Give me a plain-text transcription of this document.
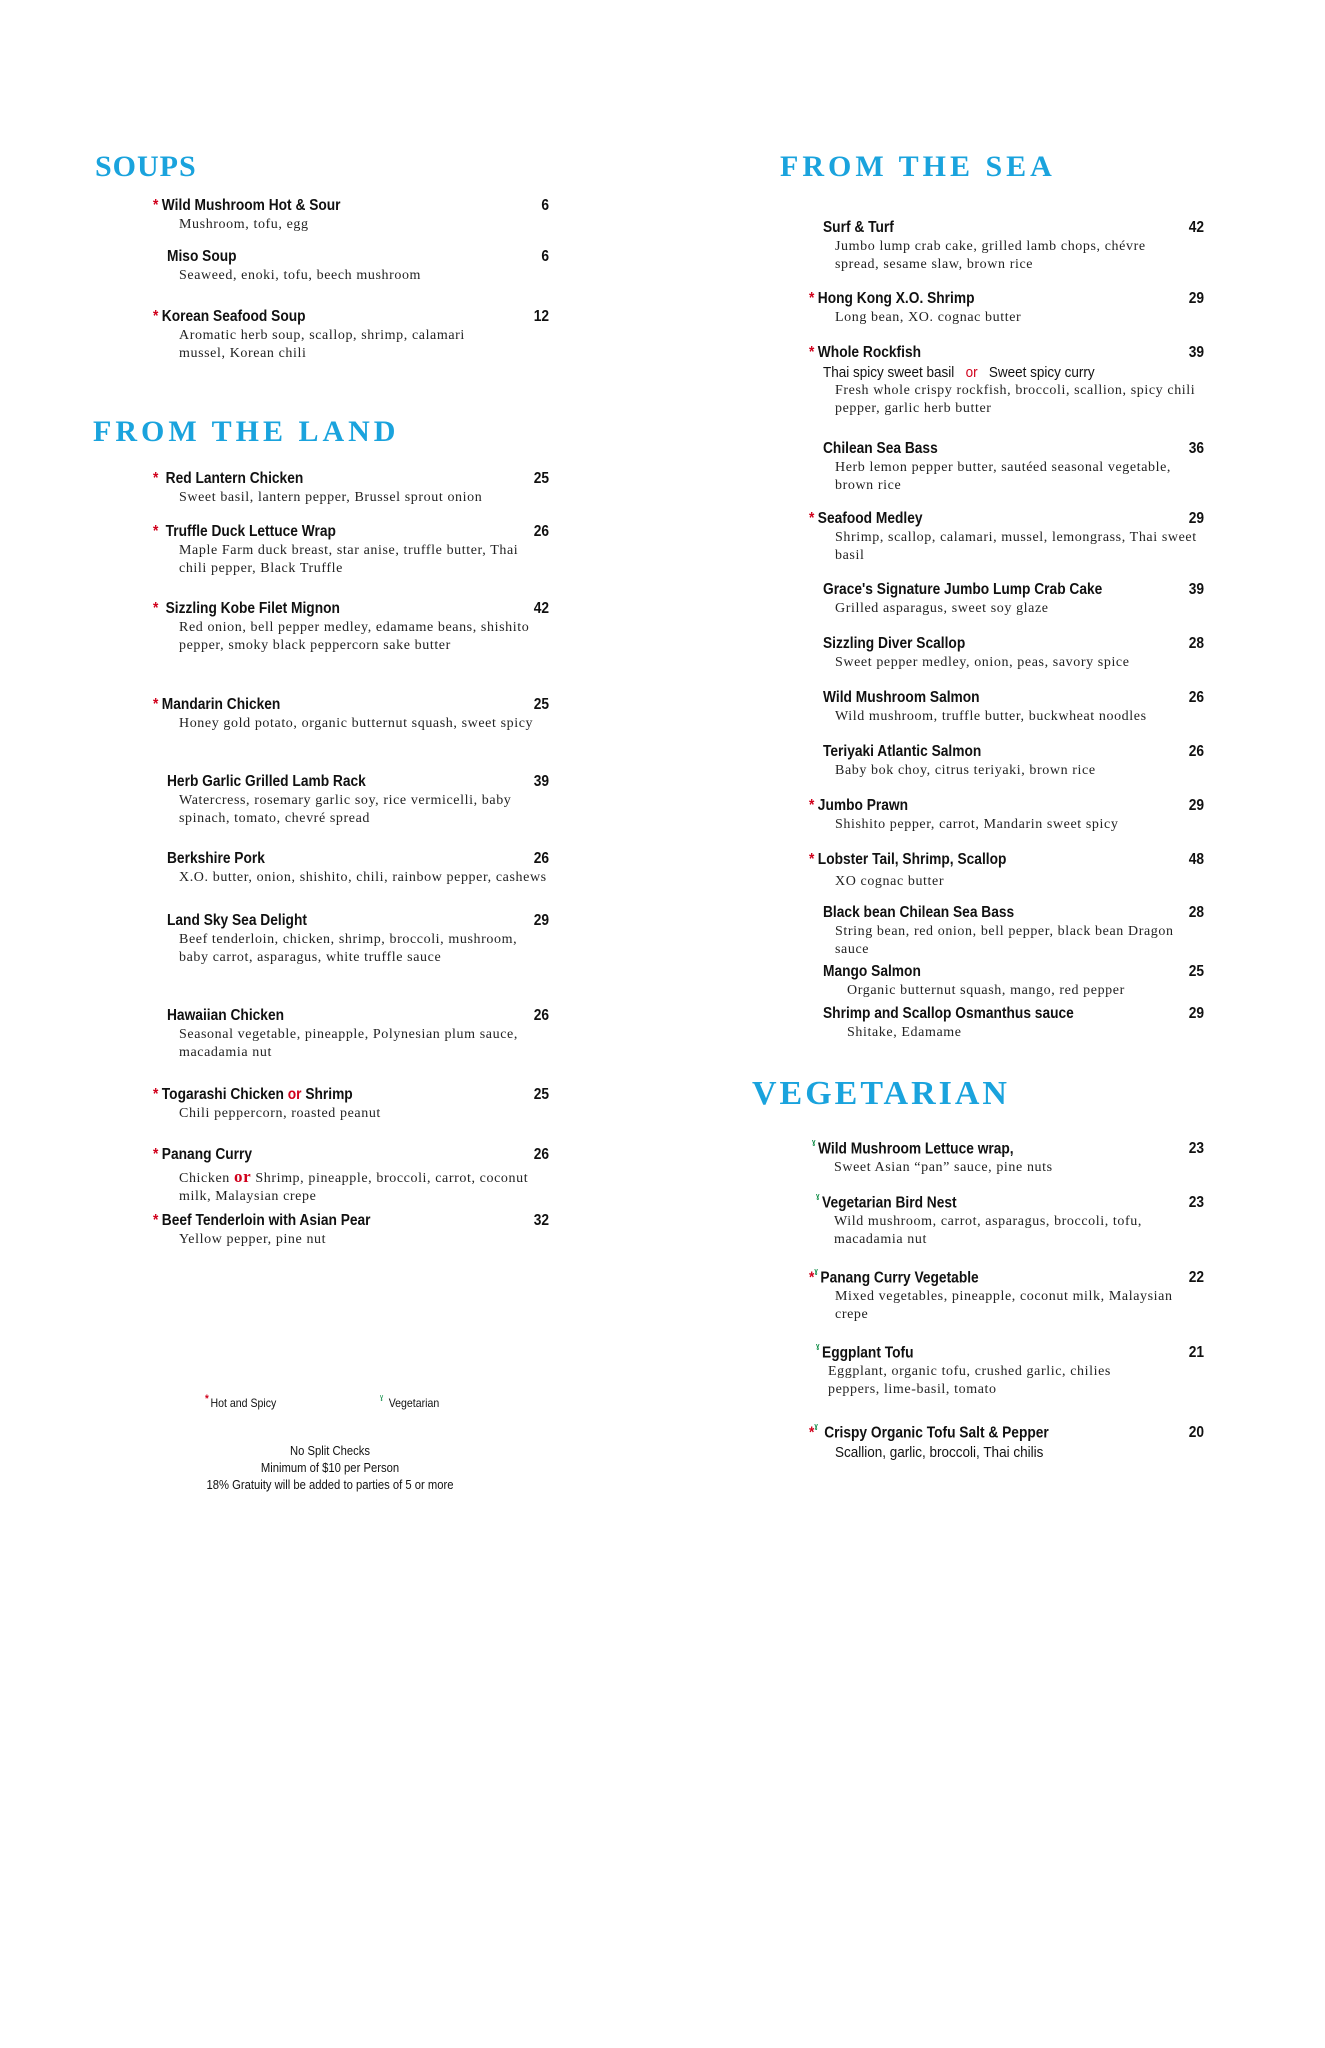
SOUPS
* Wild Mushroom Hot & Sour	6

Mushroom, tofu, egg

Miso Soup	6

Seaweed, enoki, tofu, beech mushroom

* Korean Seafood Soup	12

Aromatic herb soup, scallop, shrimp, calamari mussel, Korean chili

FROM THE LAND
* Red Lantern Chicken	25

Sweet basil, lantern pepper, Brussel sprout onion

* Truffle Duck Lettuce Wrap	26

Maple Farm duck breast, star anise, truffle butter, Thai chili pepper, Black Truffle

* Sizzling Kobe Filet Mignon	42

Red onion, bell pepper medley, edamame beans, shishito pepper, smoky black peppercorn sake butter

* Mandarin Chicken	25

Honey gold potato, organic butternut squash, sweet spicy

Herb Garlic Grilled Lamb Rack	39

Watercress, rosemary garlic soy, rice vermicelli, baby spinach, tomato, chevré spread

Berkshire Pork	26

X.O. butter, onion, shishito, chili, rainbow pepper, cashews

Land Sky Sea Delight	29

Beef tenderloin, chicken, shrimp, broccoli, mushroom, baby carrot, asparagus, white truffle sauce

Hawaiian Chicken	26

Seasonal vegetable, pineapple, Polynesian plum sauce, macadamia nut

* Togarashi Chicken or Shrimp	25

Chili peppercorn, roasted peanut

* Panang Curry	26

Chicken or Shrimp, pineapple, broccoli, carrot, coconut milk, Malaysian crepe

* Beef Tenderloin with Asian Pear	32

Yellow pepper, pine nut

* Hot and Spicy	ˠ Vegetarian
No Split Checks
Minimum of $10 per Person
18% Gratuity will be added to parties of 5 or more
FROM THE SEA
Surf & Turf	42

Jumbo lump crab cake, grilled lamb chops, chévre spread, sesame slaw, brown rice

* Hong Kong X.O. Shrimp	29

Long bean, XO. cognac butter

* Whole Rockfish	39
Thai spicy sweet basil or Sweet spicy curry

Fresh whole crispy rockfish, broccoli, scallion, spicy chili pepper, garlic herb butter

Chilean Sea Bass	36

Herb lemon pepper butter, sautéed seasonal vegetable, brown rice

* Seafood Medley	29

Shrimp, scallop, calamari, mussel, lemongrass, Thai sweet basil

Grace's Signature Jumbo Lump Crab Cake	39

Grilled asparagus, sweet soy glaze

Sizzling Diver Scallop	28

Sweet pepper medley, onion, peas, savory spice

Wild Mushroom Salmon	26

Wild mushroom, truffle butter, buckwheat noodles

Teriyaki Atlantic Salmon	26

Baby bok choy, citrus teriyaki, brown rice

* Jumbo Prawn	29

Shishito pepper, carrot, Mandarin sweet spicy

* Lobster Tail, Shrimp, Scallop	48

XO cognac butter

Black bean Chilean Sea Bass	28

String bean, red onion, bell pepper, black bean Dragon sauce

Mango Salmon	25

Organic butternut squash, mango, red pepper

Shrimp and Scallop Osmanthus sauce	29

Shitake, Edamame

VEGETARIAN
$^ˠ$ Wild Mushroom Lettuce wrap,	23

Sweet Asian “pan” sauce, pine nuts

$^ˠ$ Vegetarian Bird Nest	23

Wild mushroom, carrot, asparagus, broccoli, tofu, macadamia nut

*$^ˠ$ Panang Curry Vegetable	22

Mixed vegetables, pineapple, coconut milk, Malaysian crepe

$^ˠ$ Eggplant Tofu	21

Eggplant, organic tofu, crushed garlic, chilies peppers, lime-basil, tomato

*$^ˠ$ Crispy Organic Tofu Salt & Pepper	20
Scallion, garlic, broccoli, Thai chilis
